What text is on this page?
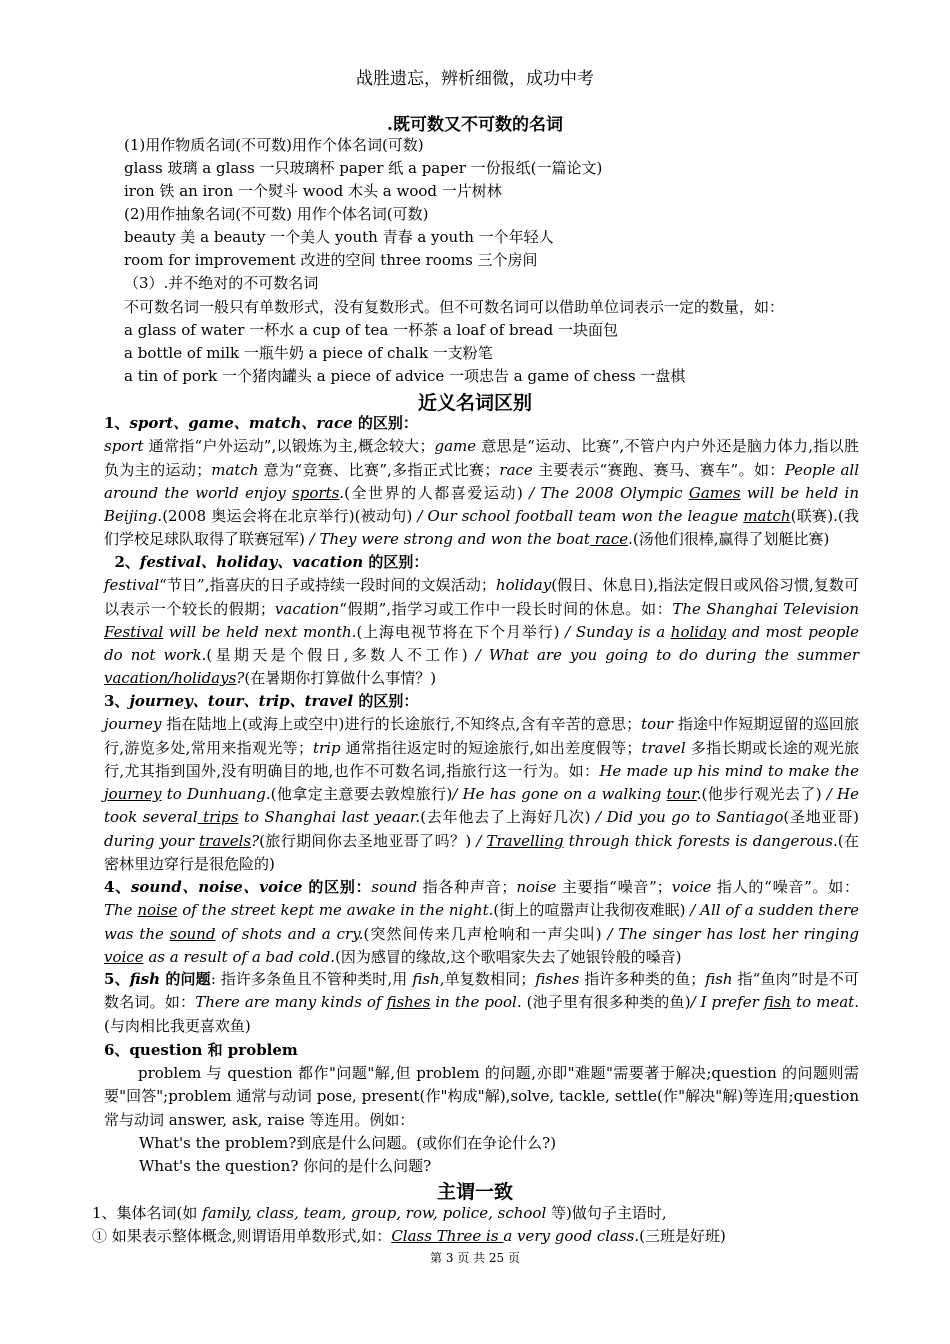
战胜遗忘，辨析细微，成功中考
.既可数又不可数的名词
(1)用作物质名词(不可数)用作个体名词(可数)
glass 玻璃 a glass 一只玻璃杯 paper 纸 a paper 一份报纸(一篇论文)
iron 铁 an iron 一个熨斗 wood 木头 a wood 一片树林
(2)用作抽象名词(不可数) 用作个体名词(可数)
beauty 美 a beauty 一个美人 youth 青春 a youth 一个年轻人
room for improvement 改进的空间 three rooms 三个房间
（3）.并不绝对的不可数名词
不可数名词一般只有单数形式，没有复数形式。但不可数名词可以借助单位词表示一定的数量，如：
a glass of water 一杯水 a cup of tea 一杯茶 a loaf of bread 一块面包
a bottle of milk 一瓶牛奶 a piece of chalk 一支粉笔
a tin of pork 一个猪肉罐头 a piece of advice 一项忠告 a game of chess 一盘棋
近义名词区别
1、sport、game、match、race 的区别：
sport 通常指“户外运动”,以锻炼为主,概念较大；game 意思是“运动、比赛”,不管户内户外还是脑力体力,指以胜负为主的运动；match 意为“竞赛、比赛”,多指正式比赛；race 主要表示“赛跑、赛马、赛车”。如：People all around the world enjoy sports.(全世界的人都喜爱运动) / The 2008 Olympic Games will be held in Beijing.(2008 奥运会将在北京举行)(被动句) / Our school football team won the league match(联赛).(我们学校足球队取得了联赛冠军) / They were strong and won the boat race.(汤他们很棒,赢得了划艇比赛)
2、festival、holiday、vacation 的区别：
festival“节日”,指喜庆的日子或持续一段时间的文娱活动；holiday(假日、休息日),指法定假日或风俗习惯,复数可以表示一个较长的假期；vacation“假期”,指学习或工作中一段长时间的休息。如：The Shanghai Television Festival will be held next month.(上海电视节将在下个月举行) / Sunday is a holiday and most people do not work.(星期天是个假日,多数人不工作) / What are you going to do during the summer vacation/holidays?(在暑期你打算做什么事情？)
3、journey、tour、trip、travel 的区别：
journey 指在陆地上(或海上或空中)进行的长途旅行,不知终点,含有辛苦的意思；tour 指途中作短期逗留的巡回旅行,游览多处,常用来指观光等；trip 通常指往返定时的短途旅行,如出差度假等；travel 多指长期或长途的观光旅行,尤其指到国外,没有明确目的地,也作不可数名词,指旅行这一行为。如：He made up his mind to make the journey to Dunhuang.(他拿定主意要去敦煌旅行)/ He has gone on a walking tour.(他步行观光去了) / He took several trips to Shanghai last yeaar.(去年他去了上海好几次) / Did you go to Santiago(圣地亚哥) during your travels?(旅行期间你去圣地亚哥了吗？) / Travelling through thick forests is dangerous.(在密林里边穿行是很危险的)
4、sound、noise、voice 的区别：sound 指各种声音；noise 主要指“噪音”；voice 指人的“噪音”。如：The noise of the street kept me awake in the night.(街上的喧嚣声让我彻夜难眠) / All of a sudden there was the sound of shots and a cry.(突然间传来几声枪响和一声尖叫) / The singer has lost her ringing voice as a result of a bad cold.(因为感冒的缘故,这个歌唱家失去了她银铃般的嗓音)
5、fish 的问题: 指许多条鱼且不管种类时,用 fish,单复数相同；fishes 指许多种类的鱼；fish 指“鱼肉”时是不可数名词。如：There are many kinds of fishes in the pool. (池子里有很多种类的鱼)/ I prefer fish to meat.(与肉相比我更喜欢鱼)
6、question 和 problem
problem 与 question 都作"问题"解,但 problem 的问题,亦即"难题"需要著于解决;question 的问题则需要"回答";problem 通常与动词 pose, present(作"构成"解),solve, tackle, settle(作"解决"解)等连用;question 常与动词 answer, ask, raise 等连用。例如：
What's the problem?到底是什么问题。(或你们在争论什么?)
What's the question? 你问的是什么问题?
主谓一致
1、集体名词(如 family, class, team, group, row, police, school 等)做句子主语时,
① 如果表示整体概念,则谓语用单数形式,如：Class Three is a very good class.(三班是好班)
第 3 页 共 25 页
